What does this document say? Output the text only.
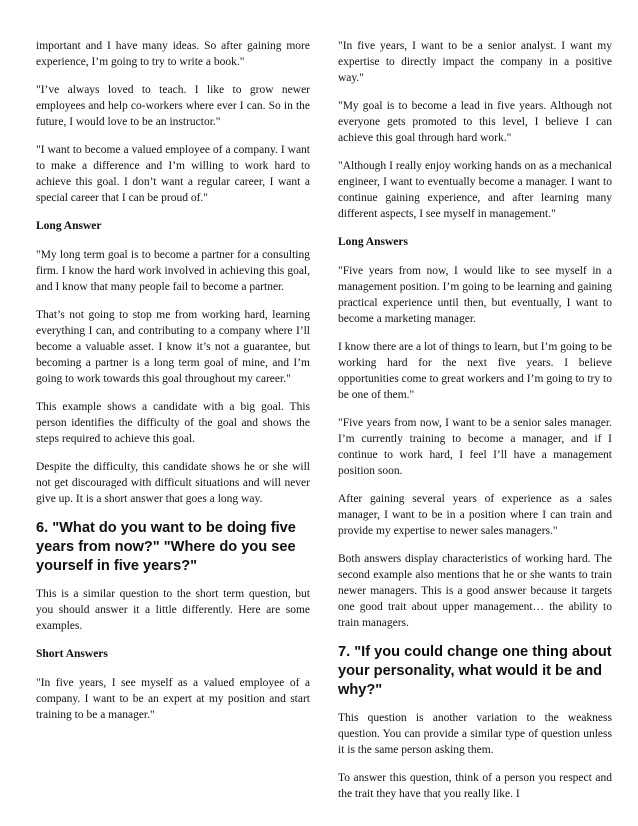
important and I have many ideas. So after gaining more experience, I’m going to try to write a book."

"I’ve always loved to teach. I like to grow newer employees and help co-workers where ever I can. So in the future, I would love to be an instructor."

"I want to become a valued employee of a company. I want to make a difference and I’m willing to work hard to achieve this goal. I don’t want a regular career, I want a special career that I can be proud of."

Long Answer

"My long term goal is to become a partner for a consulting firm. I know the hard work involved in achieving this goal, and I know that many people fail to become a partner.

That’s not going to stop me from working hard, learning everything I can, and contributing to a company where I’ll become a valuable asset. I know it’s not a guarantee, but becoming a partner is a long term goal of mine, and I’m going to work towards this goal throughout my career."

This example shows a candidate with a big goal. This person identifies the difficulty of the goal and shows the steps required to achieve this goal.

Despite the difficulty, this candidate shows he or she will not get discouraged with difficult situations and will never give up. It is a short answer that goes a long way.

6. "What do you want to be doing five years from now?" "Where do you see yourself in five years?"

This is a similar question to the short term question, but you should answer it a little differently. Here are some examples.

Short Answers

"In five years, I see myself as a valued employee of a company. I want to be an expert at my position and start training to be a manager."

"In five years, I want to be a senior analyst. I want my expertise to directly impact the company in a positive way."

"My goal is to become a lead in five years. Although not everyone gets promoted to this level, I believe I can achieve this goal through hard work."

"Although I really enjoy working hands on as a mechanical engineer, I want to eventually become a manager. I want to continue gaining experience, and after learning many different aspects, I see myself in management."

Long Answers

"Five years from now, I would like to see myself in a management position. I’m going to be learning and gaining practical experience until then, but eventually, I want to become a marketing manager.

I know there are a lot of things to learn, but I’m going to be working hard for the next five years. I believe opportunities come to great workers and I’m going to try to be one of them."

"Five years from now, I want to be a senior sales manager. I’m currently training to become a manager, and if I continue to work hard, I feel I’ll have a management position soon.

After gaining several years of experience as a sales manager, I want to be in a position where I can train and provide my expertise to newer sales managers."

Both answers display characteristics of working hard. The second example also mentions that he or she wants to train newer managers. This is a good answer because it targets one good trait about upper management… the ability to train managers.

7. "If you could change one thing about your personality, what would it be and why?"

This question is another variation to the weakness question. You can provide a similar type of question unless it is the same person asking them.

To answer this question, think of a person you respect and the trait they have that you really like. I
